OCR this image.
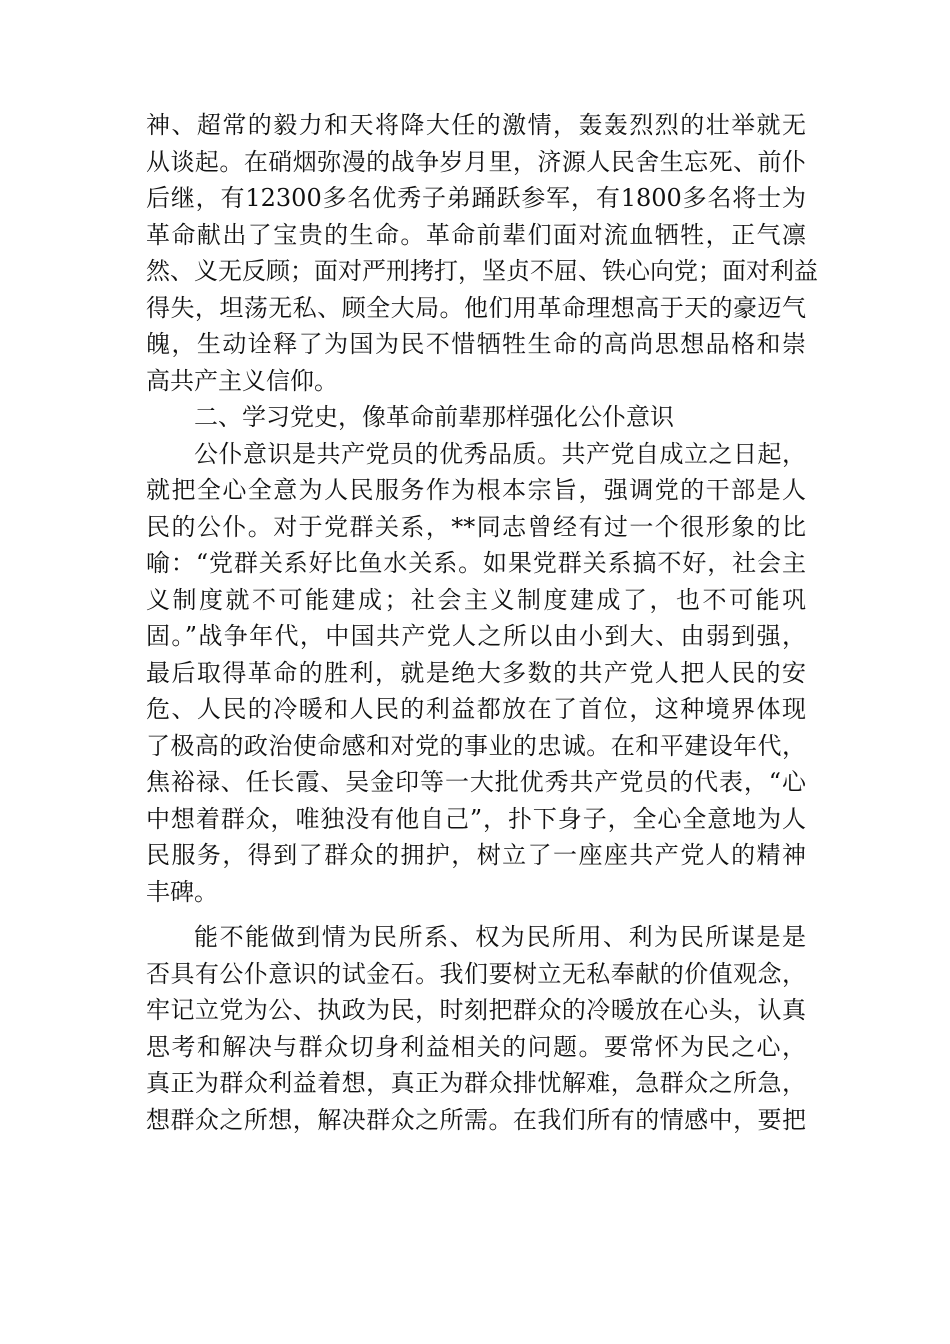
神、超常的毅力和天将降大任的激情，轰轰烈烈的壮举就无
从谈起。在硝烟弥漫的战争岁月里，济源人民舍生忘死、前仆
后继，有12300多名优秀子弟踊跃参军，有1800多名将士为
革命献出了宝贵的生命。革命前辈们面对流血牺牲，正气凛
然、义无反顾；面对严刑拷打，坚贞不屈、铁心向党；面对利益
得失，坦荡无私、顾全大局。他们用革命理想高于天的豪迈气
魄，生动诠释了为国为民不惜牺牲生命的高尚思想品格和崇
高共产主义信仰。
二、学习党史，像革命前辈那样强化公仆意识
公仆意识是共产党员的优秀品质。共产党自成立之日起，
就把全心全意为人民服务作为根本宗旨，强调党的干部是人
民的公仆。对于党群关系，**同志曾经有过一个很形象的比
喻：“党群关系好比鱼水关系。如果党群关系搞不好，社会主
义制度就不可能建成；社会主义制度建成了，也不可能巩
固。”战争年代，中国共产党人之所以由小到大、由弱到强，
最后取得革命的胜利，就是绝大多数的共产党人把人民的安
危、人民的冷暖和人民的利益都放在了首位，这种境界体现
了极高的政治使命感和对党的事业的忠诚。在和平建设年代，
焦裕禄、任长霞、吴金印等一大批优秀共产党员的代表，“心
中想着群众，唯独没有他自己”，扑下身子，全心全意地为人
民服务，得到了群众的拥护，树立了一座座共产党人的精神
丰碑。
能不能做到情为民所系、权为民所用、利为民所谋是是
否具有公仆意识的试金石。我们要树立无私奉献的价值观念，
牢记立党为公、执政为民，时刻把群众的冷暖放在心头，认真
思考和解决与群众切身利益相关的问题。要常怀为民之心，
真正为群众利益着想，真正为群众排忧解难，急群众之所急，
想群众之所想，解决群众之所需。在我们所有的情感中，要把
